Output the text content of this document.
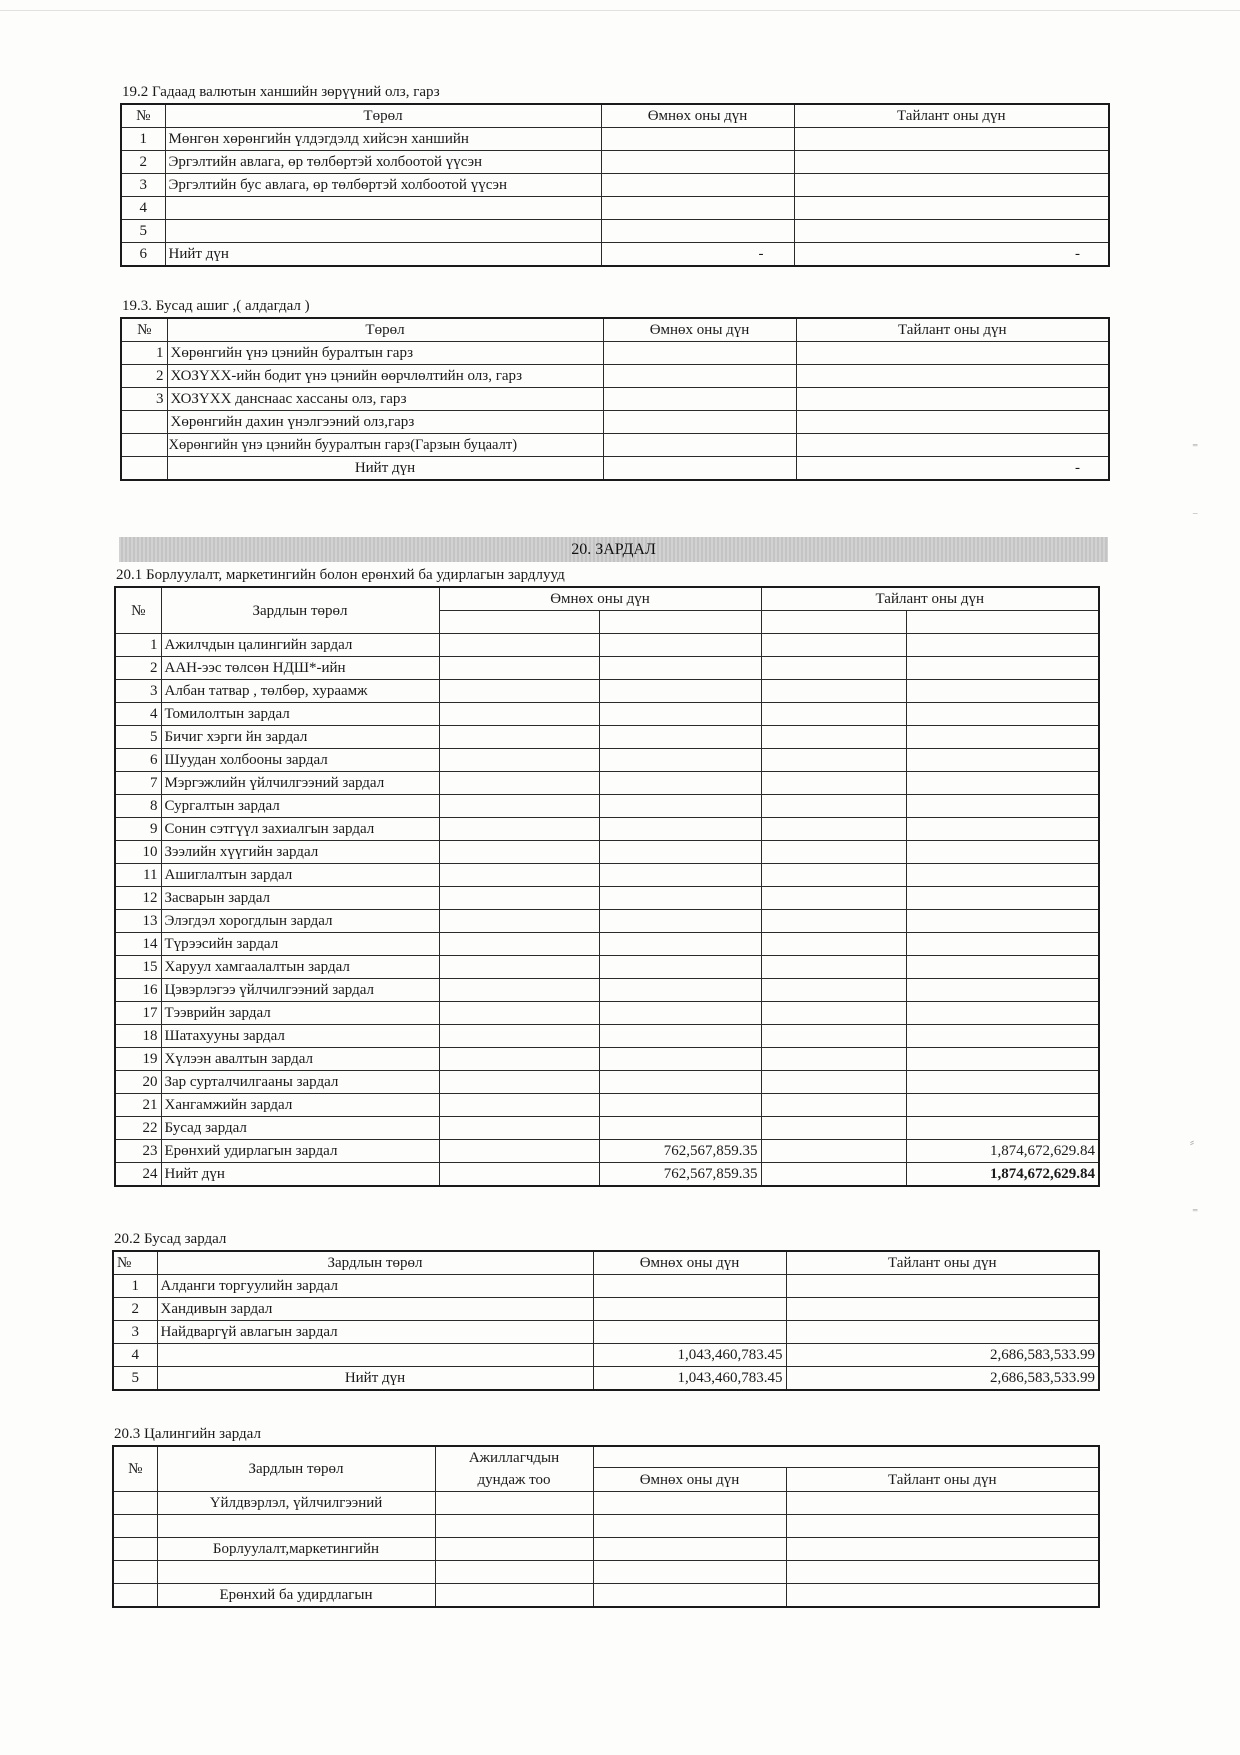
19.2 Гадаад валютын ханшийн зөрүүний олз, гарз
№	Төрөл	Өмнөх оны дүн	Тайлант оны дүн
1	Мөнгөн хөрөнгийн үлдэгдэлд хийсэн ханшийн		
2	Эргэлтийн авлага, өр төлбөртэй холбоотой үүсэн		
3	Эргэлтийн бус авлага, өр төлбөртэй холбоотой үүсэн		
4			
5			
6	Нийт дүн	-	-
19.3. Бусад ашиг ,( алдагдал )
№	Төрөл	Өмнөх оны дүн	Тайлант оны дүн
1	Хөрөнгийн үнэ цэнийн буралтын гарз		
2	ХОЗҮХХ-ийн бодит үнэ цэнийн өөрчлөлтийн олз, гарз		
3	ХОЗҮХХ данснаас хассаны олз, гарз		
	Хөрөнгийн дахин үнэлгээний олз,гарз		
	Хөрөнгийн үнэ цэнийн бууралтын гарз(Гарзын буцаалт)		
	Нийт дүн		-
20. ЗАРДАЛ
20.1 Борлуулалт, маркетингийн болон ерөнхий ба удирлагын зардлууд
№	Зардлын төрөл	Өмнөх оны дүн		Тайлант оны дүн	

1	Ажилчдын цалингийн зардал				
2	ААН-ээс төлсөн НДШ*-ийн				
3	Албан татвар , төлбөр, хураамж				
4	Томилолтын зардал				
5	Бичиг хэрги йн зардал				
6	Шуудан холбооны зардал				
7	Мэргэжлийн үйлчилгээний зардал				
8	Сургалтын зардал				
9	Сонин сэтгүүл захиалгын зардал				
10	Зээлийн хүүгийн зардал				
11	Ашиглалтын зардал				
12	Засварын зардал				
13	Элэгдэл хорогдлын зардал				
14	Түрээсийн зардал				
15	Харуул хамгаалалтын зардал				
16	Цэвэрлэгээ үйлчилгээний зардал				
17	Тээврийн зардал				
18	Шатахууны зардал				
19	Хүлээн авалтын зардал				
20	Зар сурталчилгааны зардал				
21	Хангамжийн зардал				
22	Бусад зардал				
23	Ерөнхий удирлагын зардал		762,567,859.35		1,874,672,629.84
24	Нийт дүн		762,567,859.35		1,874,672,629.84
20.2 Бусад зардал
№	Зардлын төрөл	Өмнөх оны дүн	Тайлант оны дүн
1	Алданги торгуулийн зардал		
2	Хандивын зардал		
3	Найдваргүй авлагын зардал		
4		1,043,460,783.45	2,686,583,533.99
5	Нийт дүн	1,043,460,783.45	2,686,583,533.99
20.3 Цалингийн зардал
№	Зардлын төрөл	Ажиллагчдын
дундаж тоо		

			Өмнөх оны дүн	Тайлант оны дүн
	Үйлдвэрлэл, үйлчилгээний			

	Борлуулалт,маркетингийн			

	Ерөнхий ба удирдлагын			
⁼
⁻
⸗
⁼
